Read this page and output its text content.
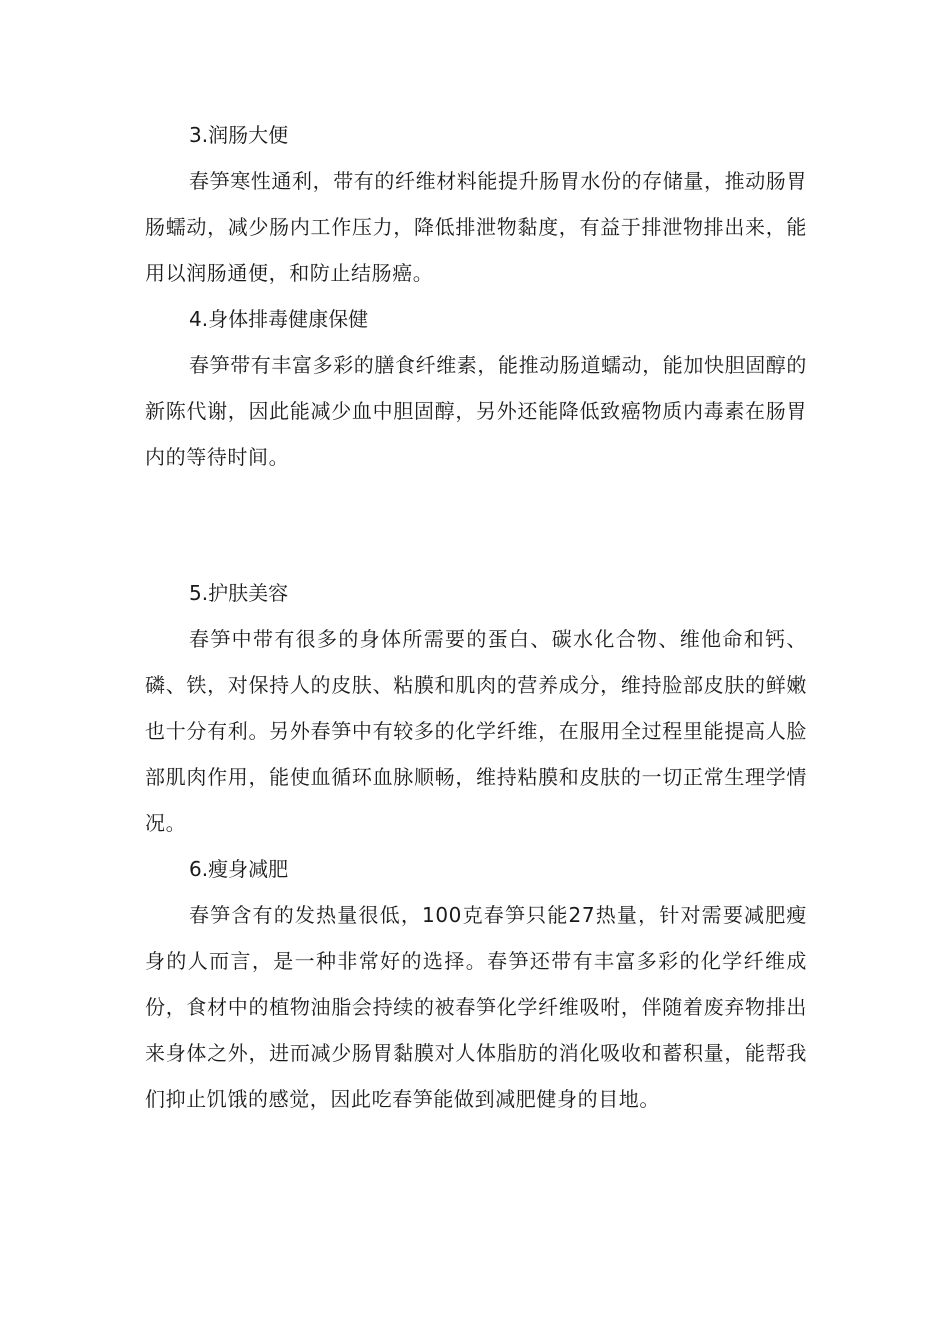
3.润肠大便

春笋寒性通利，带有的纤维材料能提升肠胃水份的存储量，推动肠胃肠蠕动，减少肠内工作压力，降低排泄物黏度，有益于排泄物排出来，能用以润肠通便，和防止结肠癌。

4.身体排毒健康保健

春笋带有丰富多彩的膳食纤维素，能推动肠道蠕动，能加快胆固醇的新陈代谢，因此能减少血中胆固醇，另外还能降低致癌物质内毒素在肠胃内的等待时间。

5.护肤美容

春笋中带有很多的身体所需要的蛋白、碳水化合物、维他命和钙、磷、铁，对保持人的皮肤、粘膜和肌肉的营养成分，维持脸部皮肤的鲜嫩也十分有利。另外春笋中有较多的化学纤维，在服用全过程里能提高人脸部肌肉作用，能使血循环血脉顺畅，维持粘膜和皮肤的一切正常生理学情况。

6.瘦身减肥

春笋含有的发热量很低，100克春笋只能27热量，针对需要减肥瘦身的人而言，是一种非常好的选择。春笋还带有丰富多彩的化学纤维成份，食材中的植物油脂会持续的被春笋化学纤维吸咐，伴随着废弃物排出来身体之外，进而减少肠胃黏膜对人体脂肪的消化吸收和蓄积量，能帮我们抑止饥饿的感觉，因此吃春笋能做到减肥健身的目地。
